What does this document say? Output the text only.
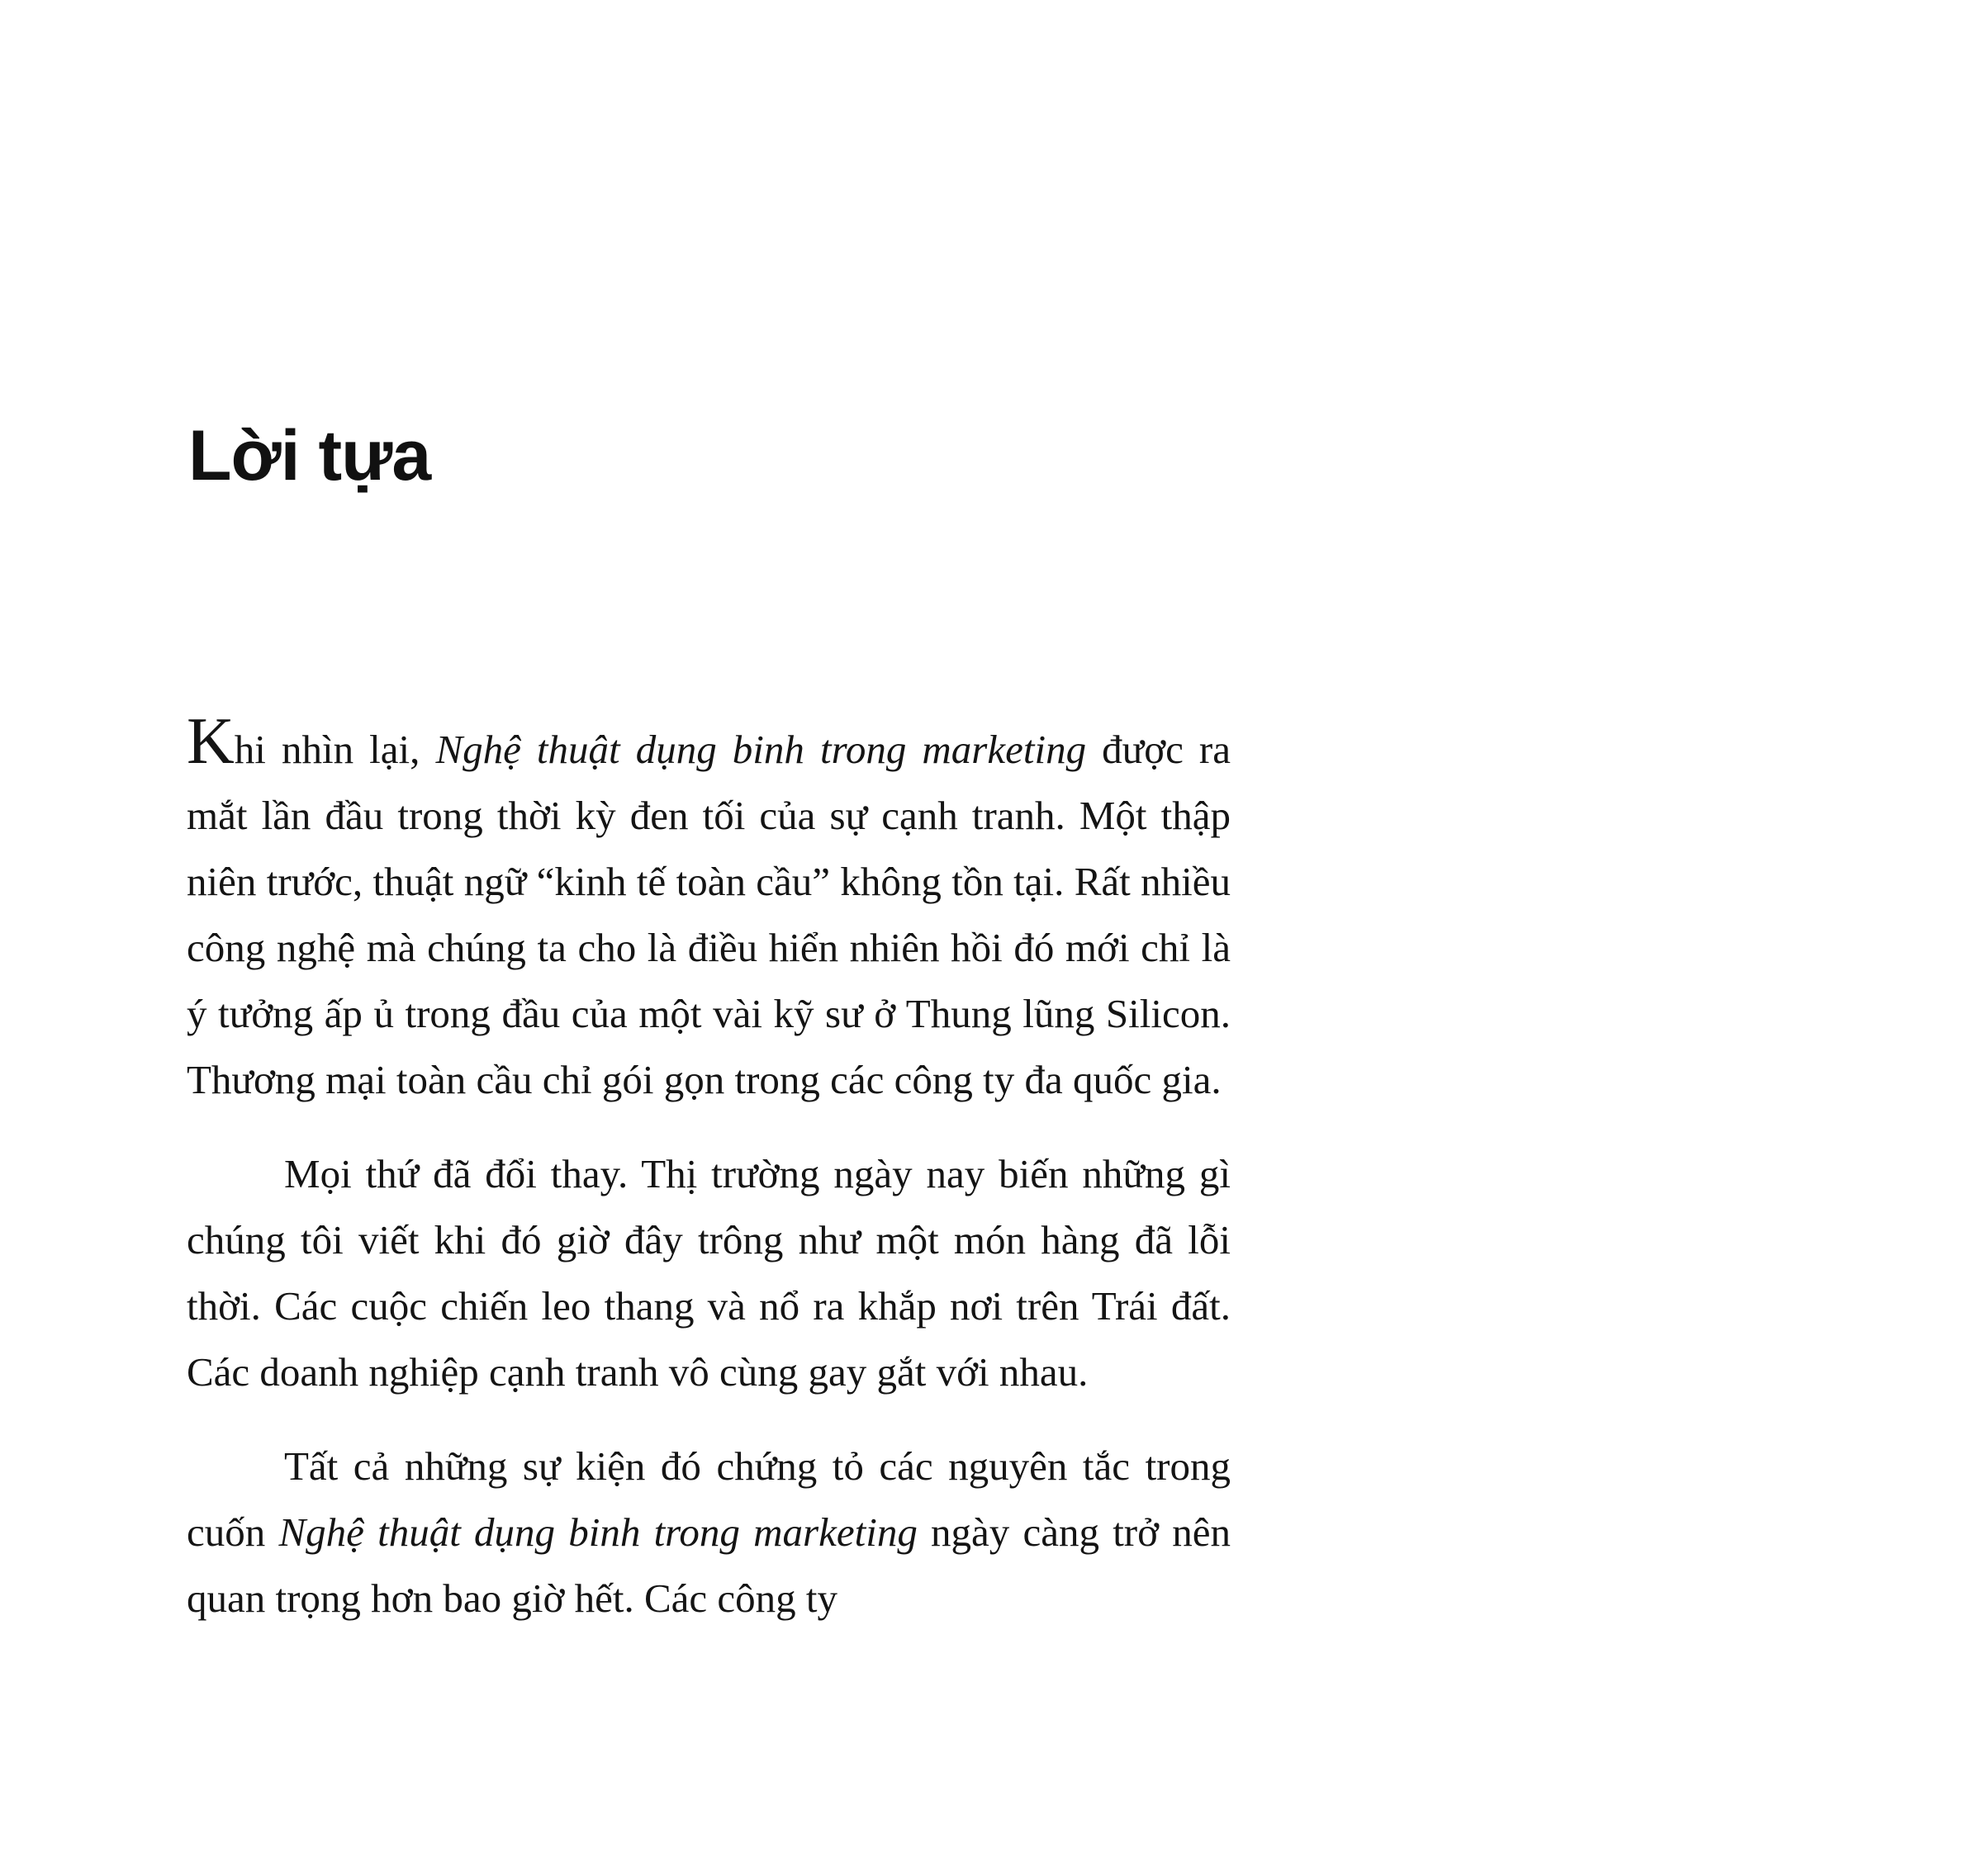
Lời tựa

Khi nhìn lại, Nghệ thuật dụng binh trong marketing được ra mắt lần đầu trong thời kỳ đen tối của sự cạnh tranh. Một thập niên trước, thuật ngữ “kinh tế toàn cầu” không tồn tại. Rất nhiều công nghệ mà chúng ta cho là điều hiển nhiên hồi đó mới chỉ là ý tưởng ấp ủ trong đầu của một vài kỹ sư ở Thung lũng Silicon. Thương mại toàn cầu chỉ gói gọn trong các công ty đa quốc gia.

Mọi thứ đã đổi thay. Thị trường ngày nay biến những gì chúng tôi viết khi đó giờ đây trông như một món hàng đã lỗi thời. Các cuộc chiến leo thang và nổ ra khắp nơi trên Trái đất. Các doanh nghiệp cạnh tranh vô cùng gay gắt với nhau.

Tất cả những sự kiện đó chứng tỏ các nguyên tắc trong cuốn Nghệ thuật dụng binh trong marketing ngày càng trở nên quan trọng hơn bao giờ hết. Các công ty
